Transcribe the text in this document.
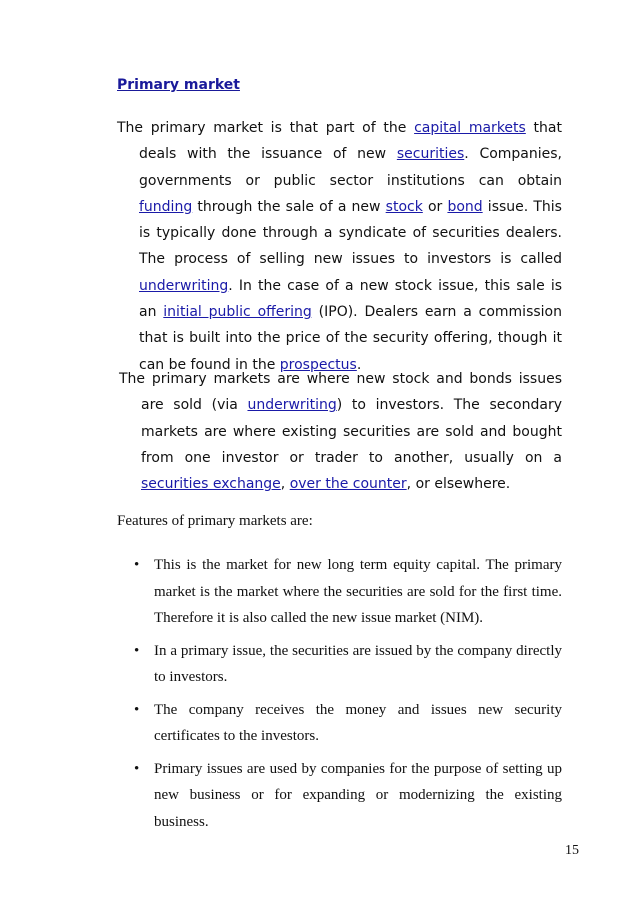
Primary market

The primary market is that part of the capital markets that deals with the issuance of new securities. Companies, governments or public sector institutions can obtain funding through the sale of a new stock or bond issue. This is typically done through a syndicate of securities dealers. The process of selling new issues to investors is called underwriting. In the case of a new stock issue, this sale is an initial public offering (IPO). Dealers earn a commission that is built into the price of the security offering, though it can be found in the prospectus.

The primary markets are where new stock and bonds issues are sold (via underwriting) to investors. The secondary markets are where existing securities are sold and bought from one investor or trader to another, usually on a securities exchange, over the counter, or elsewhere.

Features of primary markets are:
• This is the market for new long term equity capital. The primary market is the market where the securities are sold for the first time. Therefore it is also called the new issue market (NIM).
• In a primary issue, the securities are issued by the company directly to investors.
• The company receives the money and issues new security certificates to the investors.
• Primary issues are used by companies for the purpose of setting up new business or for expanding or modernizing the existing business.
15
